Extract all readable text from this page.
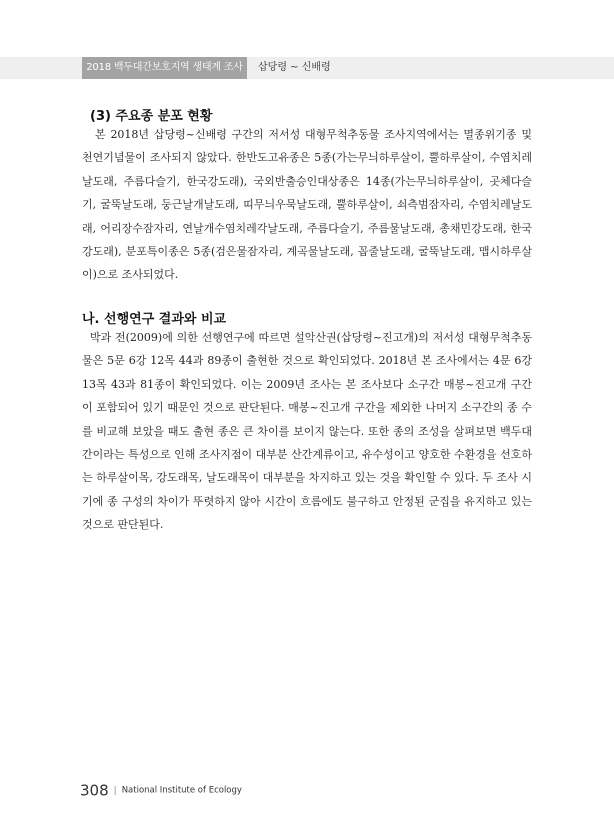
2018 백두대간보호지역 생태계 조사	삽당령 ~ 신배령
(3) 주요종 분포 현황
본 2018년 삽당령~신배령 구간의 저서성 대형무척추동물 조사지역에서는 멸종위기종 및 천연기념물이 조사되지 않았다. 한반도고유종은 5종(가는무늬하루살이, 뿔하루살이, 수염치레날도래, 주름다슬기, 한국강도래), 국외반출승인대상종은 14종(가는무늬하루살이, 곳체다슬기, 굴뚝날도래, 둥근날개날도래, 띠무늬우묵날도래, 뿔하루살이, 쇠측범잠자리, 수염치레날도래, 어리장수잠자리, 연날개수염치레각날도래, 주름다슬기, 주름물날도래, 총채민강도래, 한국강도래), 분포특이종은 5종(검은물잠자리, 계곡물날도래, 꼽줄날도래, 굴뚝날도래, 맵시하루살이)으로 조사되었다.
나. 선행연구 결과와 비교
박과 전(2009)에 의한 선행연구에 따르면 설악산권(삽당령~진고개)의 저서성 대형무척추동물은 5문 6강 12목 44과 89종이 출현한 것으로 확인되었다. 2018년 본 조사에서는 4문 6강 13목 43과 81종이 확인되었다. 이는 2009년 조사는 본 조사보다 소구간 매봉~진고개 구간이 포함되어 있기 때문인 것으로 판단된다. 매봉~진고개 구간을 제외한 나머지 소구간의 종 수를 비교해 보았을 때도 출현 종은 큰 차이를 보이지 않는다. 또한 종의 조성을 살펴보면 백두대간이라는 특성으로 인해 조사지점이 대부분 산간계류이고, 유수성이고 양호한 수환경을 선호하는 하루살이목, 강도래목, 날도래목이 대부분을 차지하고 있는 것을 확인할 수 있다. 두 조사 시기에 종 구성의 차이가 뚜렷하지 않아 시간이 흐름에도 불구하고 안정된 군집을 유지하고 있는 것으로 판단된다.
308 | National Institute of Ecology
